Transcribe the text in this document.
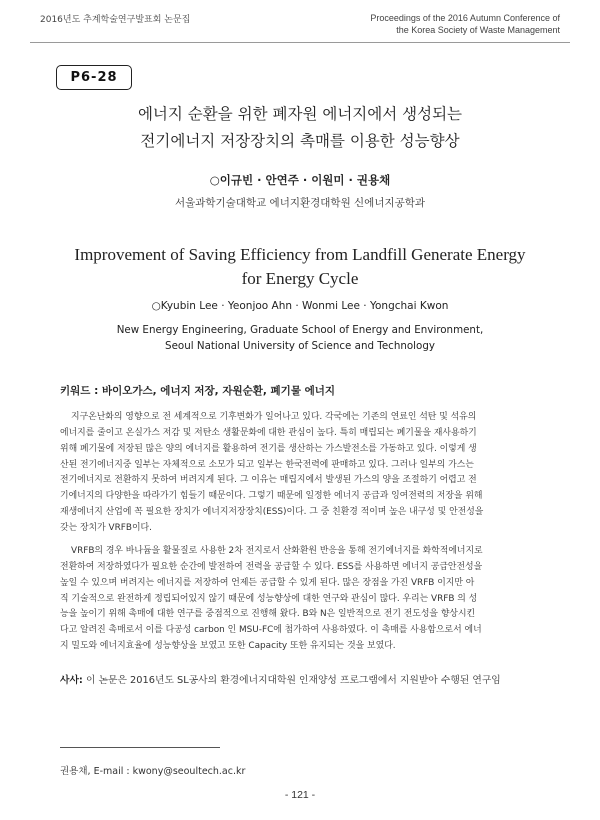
2016년도 추계학술연구발표회 논문집	Proceedings of the 2016 Autumn Conference of
the Korea Society of Waste Management
P6-28
에너지 순환을 위한 폐자원 에너지에서 생성되는
전기에너지 저장장치의 촉매를 이용한 성능향상
○이규빈 · 안연주 · 이원미 · 권용채
서울과학기술대학교 에너지환경대학원 신에너지공학과
Improvement of Saving Efficiency from Landfill Generate Energy
for Energy Cycle
○Kyubin Lee · Yeonjoo Ahn · Wonmi Lee · Yongchai Kwon
New Energy Engineering, Graduate School of Energy and Environment,
Seoul National University of Science and Technology
키워드 : 바이오가스, 에너지 저장, 자원순환, 폐기물 에너지
지구온난화의 영향으로 전 세계적으로 기후변화가 일어나고 있다. 각국에는 기존의 연료인 석탄 및 석유의
에너지를 줄이고 온실가스 저감 및 저탄소 생활문화에 대한 관심이 높다. 특히 매립되는 폐기물을 재사용하기
위해 폐기물에 저장된 많은 양의 에너지를 활용하여 전기를 생산하는 가스발전소를 가동하고 있다. 이렇게 생
산된 전기에너지중 일부는 자체적으로 소모가 되고 일부는 한국전력에 판매하고 있다. 그러나 일부의 가스는
전기에너지로 전환하지 못하여 버려지게 된다. 그 이유는 매립지에서 발생된 가스의 양을 조절하기 어렵고 전
기에너지의 다양한을 따라가기 힘들기 때문이다. 그렇기 때문에 일정한 에너지 공급과 잉여전력의 저장을 위해
재생에너지 산업에 꼭 필요한 장치가 에너지저장장치(ESS)이다. 그 중 친환경 적이며 높은 내구성 및 안전성을
갖는 장치가 VRFB이다.
VRFB의 경우 바나듐을 활물질로 사용한 2차 전지로서 산화환원 반응을 통해 전기에너지를 화학적에너지로
전환하여 저장하였다가 필요한 순간에 발전하여 전력을 공급할 수 있다. ESS를 사용하면 에너지 공급안전성을
높일 수 있으며 버려지는 에너지를 저장하여 언제든 공급할 수 있게 된다. 많은 장점을 가진 VRFB 이지만 아
직 기술적으로 완전하게 정립되어있지 않기 때문에 성능향상에 대한 연구와 관심이 많다. 우리는 VRFB 의 성
능을 높이기 위해 촉매에 대한 연구를 중점적으로 진행해 왔다. B와 N은 일반적으로 전기 전도성을 향상시킨
다고 알려진 촉매로서 이를 다공성 carbon 인 MSU-FC에 첨가하여 사용하였다. 이 촉매를 사용함으로서 에너
지 밀도와 에너지효율에 성능향상을 보였고 또한 Capacity 또한 유지되는 것을 보였다.
사사: 이 논문은 2016년도 SL공사의 환경에너지대학원 인재양성 프로그램에서 지원받아 수행된 연구임
권용채, E-mail : kwony@seoultech.ac.kr
- 121 -
